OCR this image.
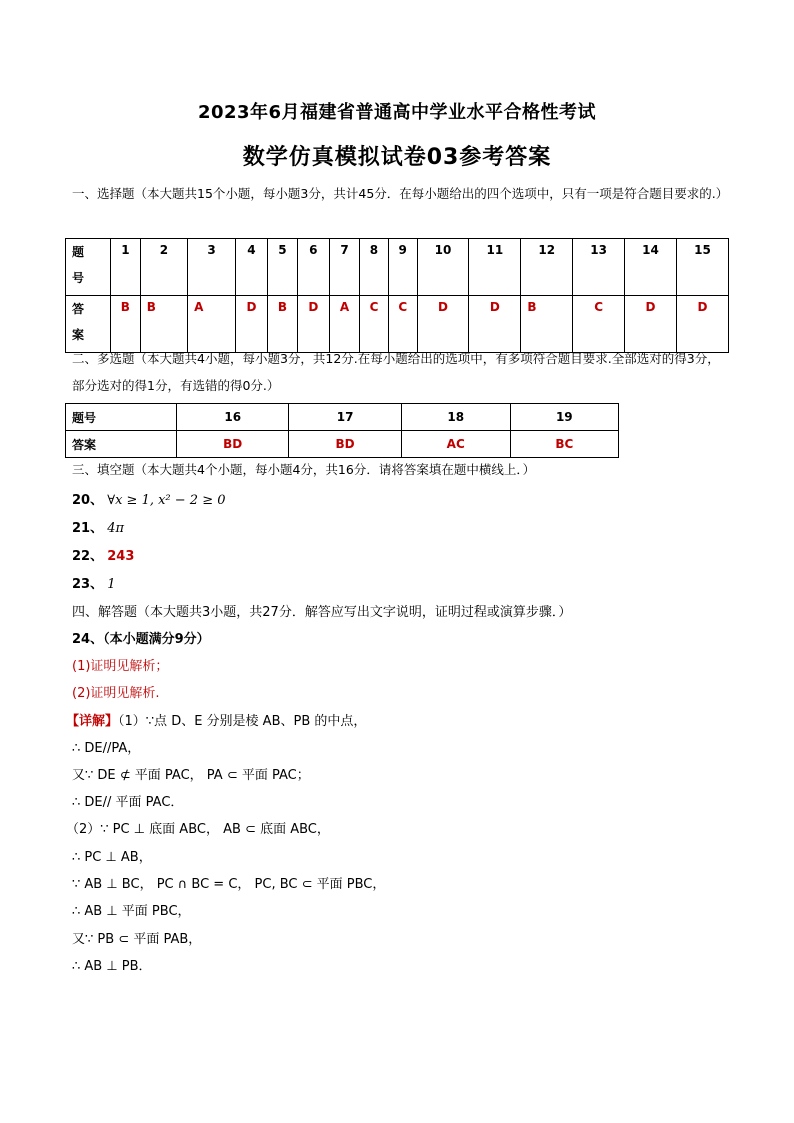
2023年6月福建省普通高中学业水平合格性考试
数学仿真模拟试卷03参考答案
一、选择题（本大题共15个小题，每小题3分，共计45分．在每小题给出的四个选项中，只有一项是符合题目要求的.）
题
号	1	2	3	4	5	6	7	8	9	10	11	12	13	14	15

答
案	B	B	A	D	B	D	A	C	C	D	D	B	C	D	D
二、多选题（本大题共4小题，每小题3分，共12分.在每小题给出的选项中，有多项符合题目要求.全部选对的得3分，部分选对的得1分，有选错的得0分.）
题号	16	17	18	19
答案	BD	BD	AC	BC
三、填空题（本大题共4个小题，每小题4分，共16分．请将答案填在题中横线上．）
20、 ∀x ≥ 1, x² − 2 ≥ 0
21、 4π
22、 243
23、 1
四、解答题（本大题共3小题，共27分．解答应写出文字说明，证明过程或演算步骤．）
24、（本小题满分9分）
(1)证明见解析；
(2)证明见解析.
【详解】（1）∵点 D、E 分别是棱 AB、PB 的中点，
∴ DE//PA，
又∵ DE ⊄ 平面 PAC， PA ⊂ 平面 PAC；
∴ DE// 平面 PAC．
（2）∵ PC ⊥ 底面 ABC， AB ⊂ 底面 ABC，
∴ PC ⊥ AB，
∵ AB ⊥ BC， PC ∩ BC = C， PC, BC ⊂ 平面 PBC，
∴ AB ⊥ 平面 PBC，
又∵ PB ⊂ 平面 PAB，
∴ AB ⊥ PB．
